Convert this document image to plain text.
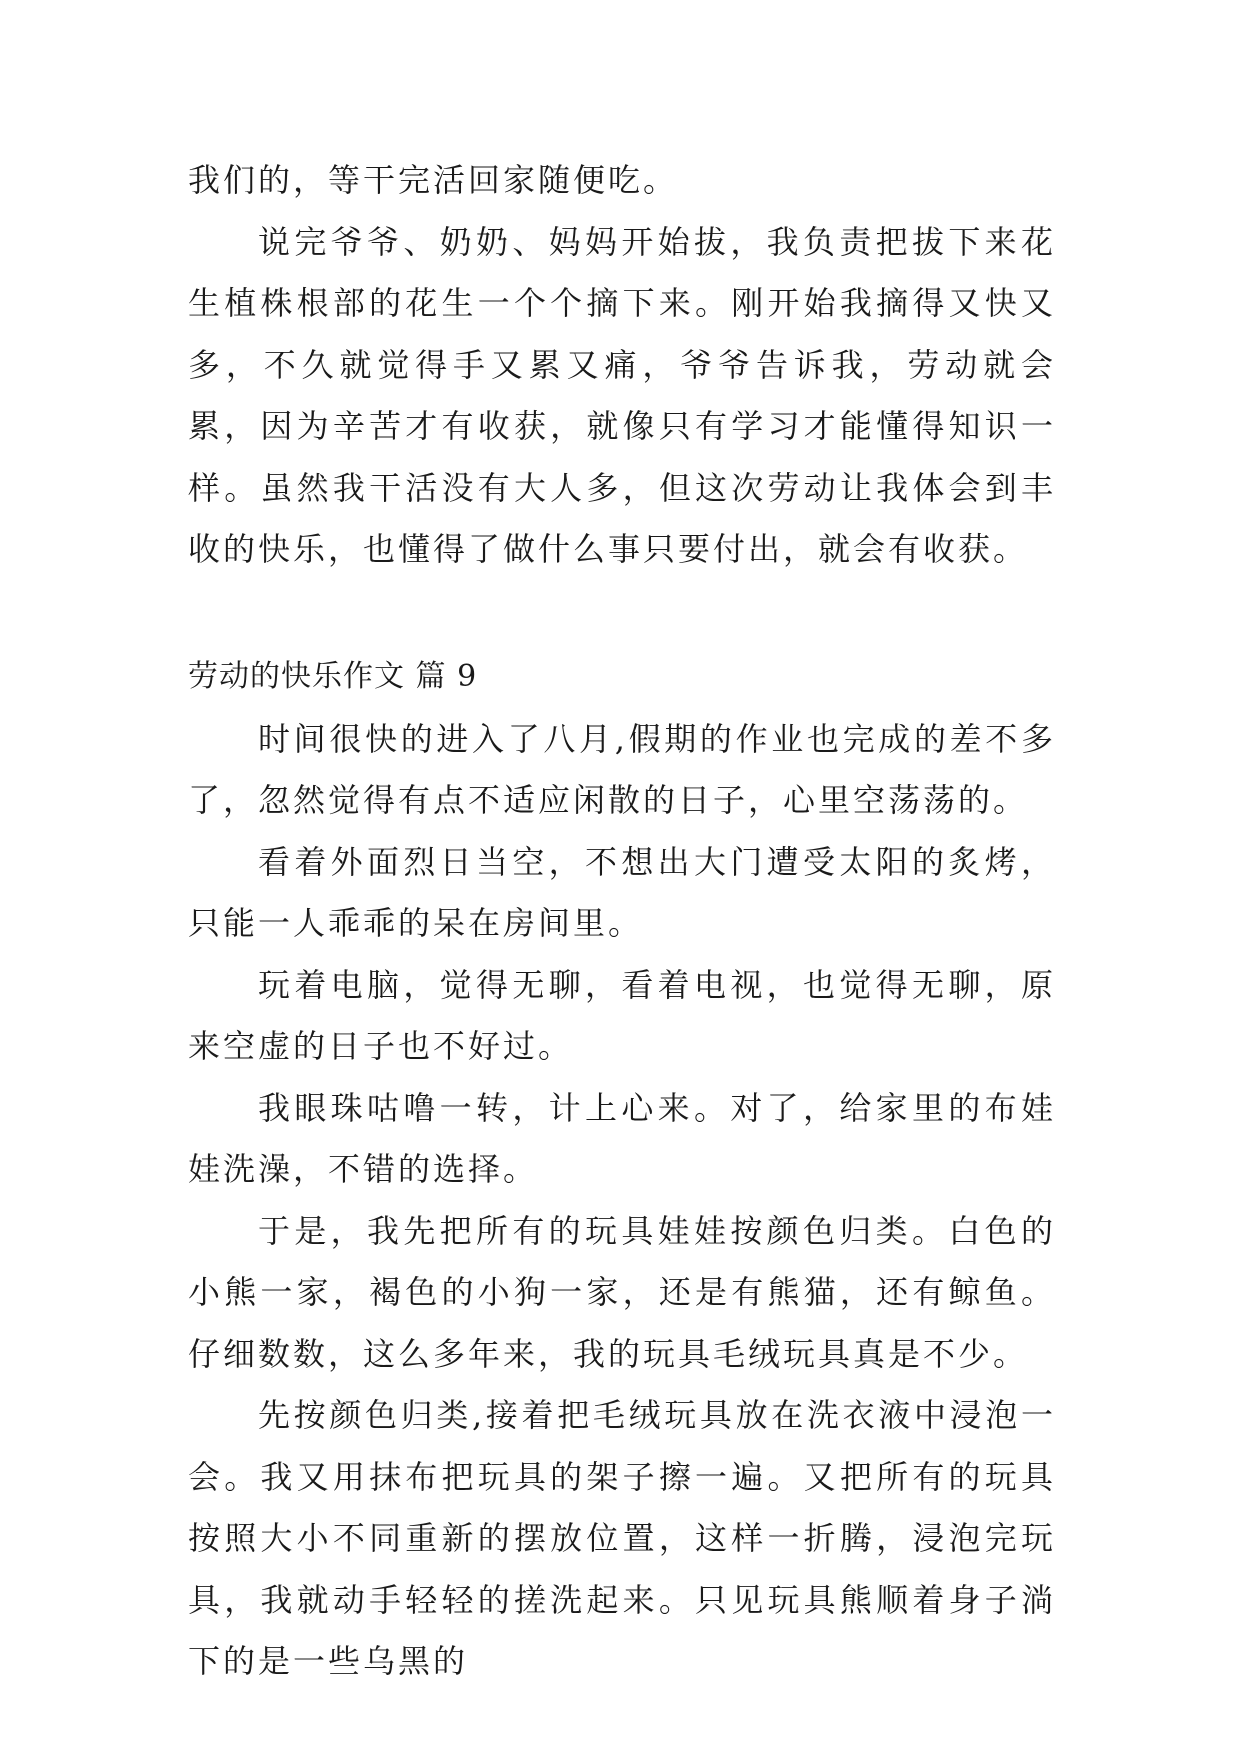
我们的，等干完活回家随便吃。

说完爷爷、奶奶、妈妈开始拔，我负责把拔下来花生植株根部的花生一个个摘下来。刚开始我摘得又快又多，不久就觉得手又累又痛，爷爷告诉我，劳动就会累，因为辛苦才有收获，就像只有学习才能懂得知识一样。虽然我干活没有大人多，但这次劳动让我体会到丰收的快乐，也懂得了做什么事只要付出，就会有收获。

劳动的快乐作文 篇 9

时间很快的进入了八月,假期的作业也完成的差不多了，忽然觉得有点不适应闲散的日子，心里空荡荡的。

看着外面烈日当空，不想出大门遭受太阳的炙烤，只能一人乖乖的呆在房间里。

玩着电脑，觉得无聊，看着电视，也觉得无聊，原来空虚的日子也不好过。

我眼珠咕噜一转，计上心来。对了，给家里的布娃娃洗澡，不错的选择。

于是，我先把所有的玩具娃娃按颜色归类。白色的小熊一家，褐色的小狗一家，还是有熊猫，还有鲸鱼。仔细数数，这么多年来，我的玩具毛绒玩具真是不少。

先按颜色归类,接着把毛绒玩具放在洗衣液中浸泡一会。我又用抹布把玩具的架子擦一遍。又把所有的玩具按照大小不同重新的摆放位置，这样一折腾，浸泡完玩具，我就动手轻轻的搓洗起来。只见玩具熊顺着身子淌下的是一些乌黑的
